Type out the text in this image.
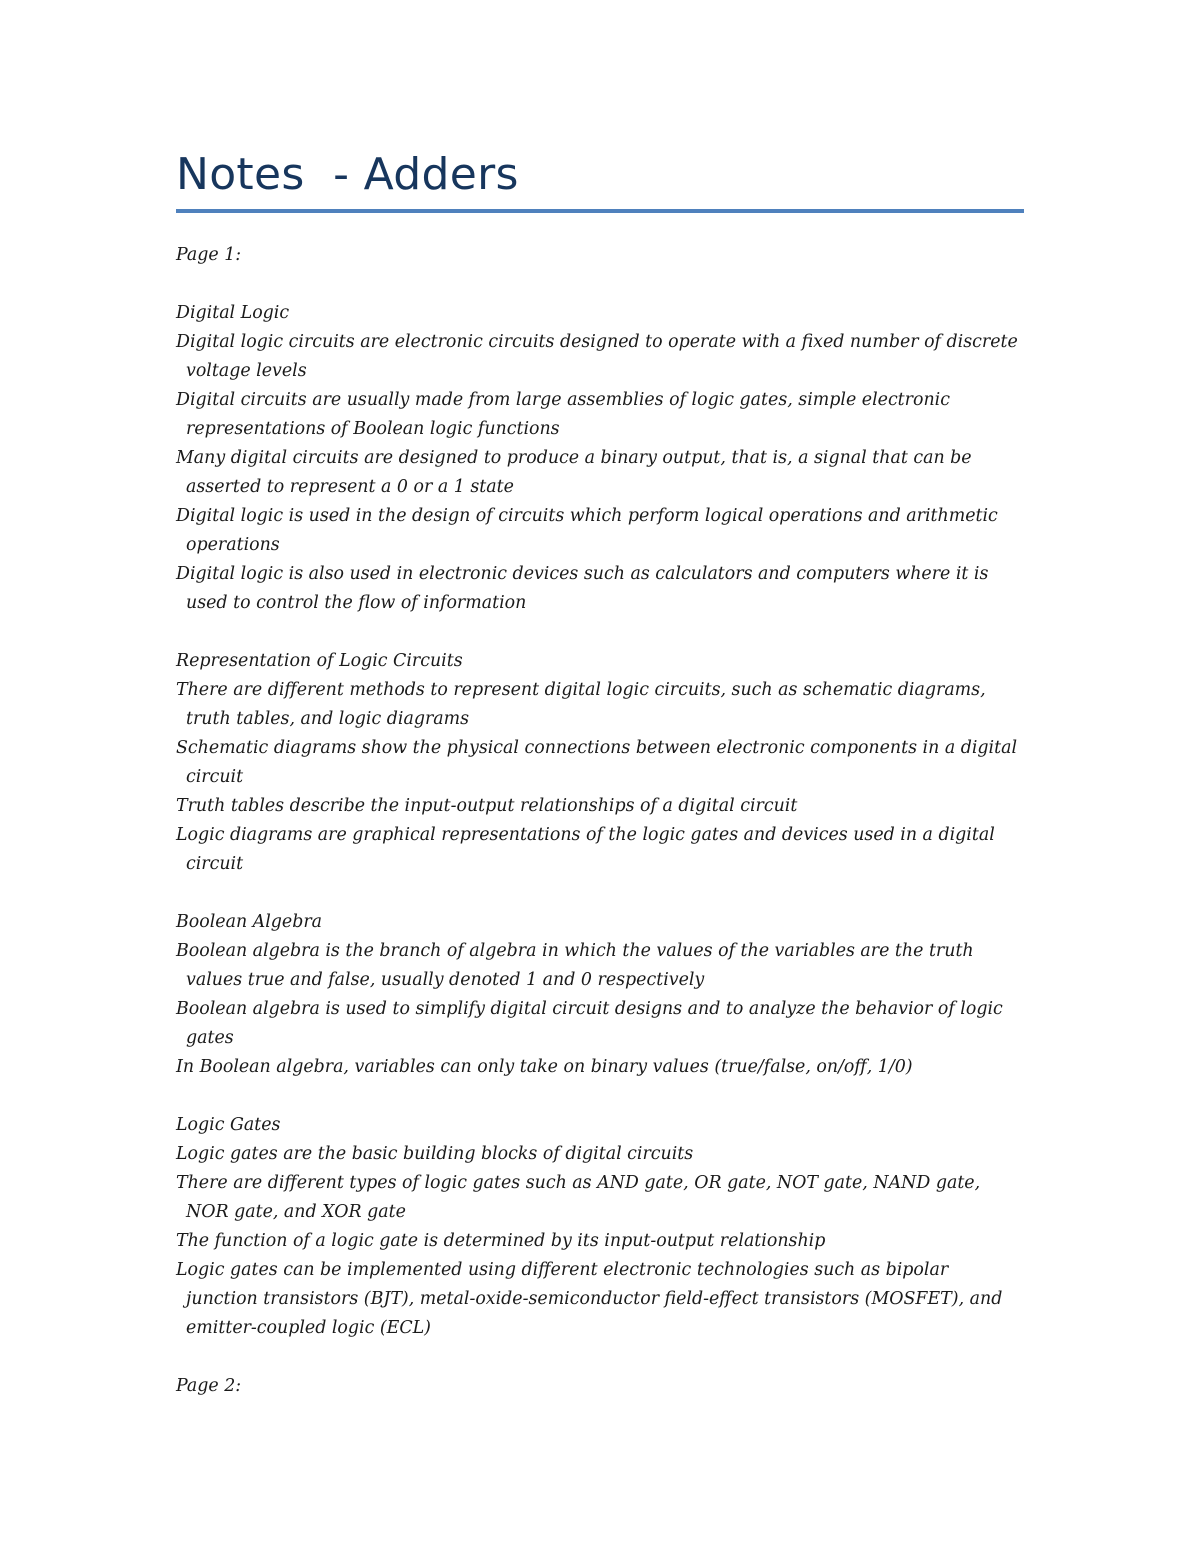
Notes  - Adders
Page 1:
Digital Logic

Digital logic circuits are electronic circuits designed to operate with a fixed number of discrete voltage levels

Digital circuits are usually made from large assemblies of logic gates, simple electronic representations of Boolean logic functions

Many digital circuits are designed to produce a binary output, that is, a signal that can be asserted to represent a 0 or a 1 state

Digital logic is used in the design of circuits which perform logical operations and arithmetic operations

Digital logic is also used in electronic devices such as calculators and computers where it is used to control the flow of information

Representation of Logic Circuits

There are different methods to represent digital logic circuits, such as schematic diagrams, truth tables, and logic diagrams

Schematic diagrams show the physical connections between electronic components in a digital circuit

Truth tables describe the input-output relationships of a digital circuit

Logic diagrams are graphical representations of the logic gates and devices used in a digital circuit

Boolean Algebra

Boolean algebra is the branch of algebra in which the values of the variables are the truth values true and false, usually denoted 1 and 0 respectively

Boolean algebra is used to simplify digital circuit designs and to analyze the behavior of logic gates

In Boolean algebra, variables can only take on binary values (true/false, on/off, 1/0)

Logic Gates

Logic gates are the basic building blocks of digital circuits

There are different types of logic gates such as AND gate, OR gate, NOT gate, NAND gate, NOR gate, and XOR gate

The function of a logic gate is determined by its input-output relationship

Logic gates can be implemented using different electronic technologies such as bipolar junction transistors (BJT), metal-oxide-semiconductor field-effect transistors (MOSFET), and emitter-coupled logic (ECL)

Page 2:
